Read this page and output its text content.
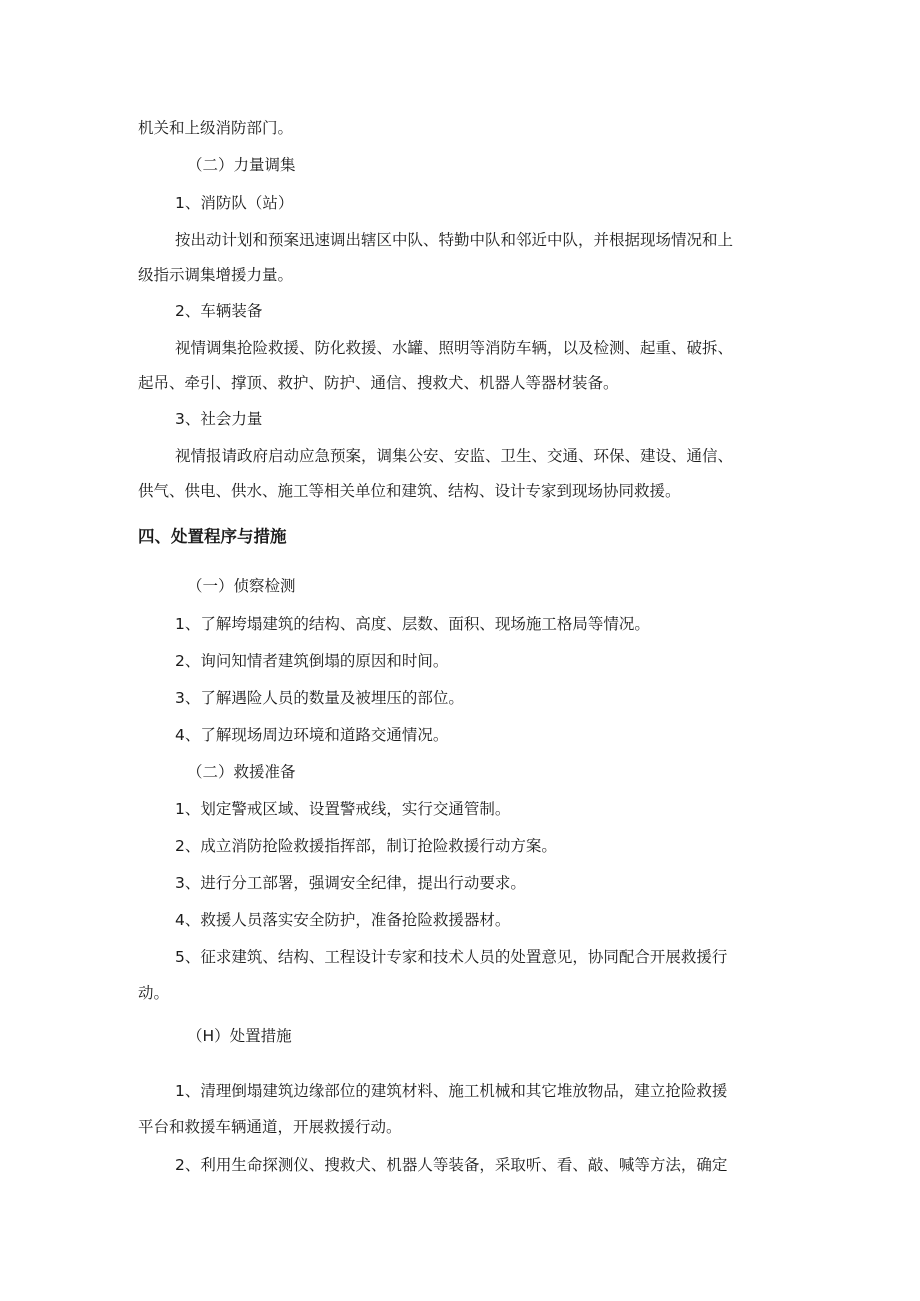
机关和上级消防部门。
（二）力量调集
1、消防队（站）
按出动计划和预案迅速调出辖区中队、特勤中队和邻近中队，并根据现场情况和上
级指示调集增援力量。
2、车辆装备
视情调集抢险救援、防化救援、水罐、照明等消防车辆，以及检测、起重、破拆、
起吊、牵引、撑顶、救护、防护、通信、搜救犬、机器人等器材装备。
3、社会力量
视情报请政府启动应急预案，调集公安、安监、卫生、交通、环保、建设、通信、
供气、供电、供水、施工等相关单位和建筑、结构、设计专家到现场协同救援。
四、处置程序与措施
（一）侦察检测
1、了解垮塌建筑的结构、高度、层数、面积、现场施工格局等情况。
2、询问知情者建筑倒塌的原因和时间。
3、了解遇险人员的数量及被埋压的部位。
4、了解现场周边环境和道路交通情况。
（二）救援准备
1、划定警戒区域、设置警戒线，实行交通管制。
2、成立消防抢险救援指挥部，制订抢险救援行动方案。
3、进行分工部署，强调安全纪律，提出行动要求。
4、救援人员落实安全防护，准备抢险救援器材。
5、征求建筑、结构、工程设计专家和技术人员的处置意见，协同配合开展救援行
动。
（H）处置措施
1、清理倒塌建筑边缘部位的建筑材料、施工机械和其它堆放物品，建立抢险救援
平台和救援车辆通道，开展救援行动。
2、利用生命探测仪、搜救犬、机器人等装备，采取听、看、敲、喊等方法，确定
